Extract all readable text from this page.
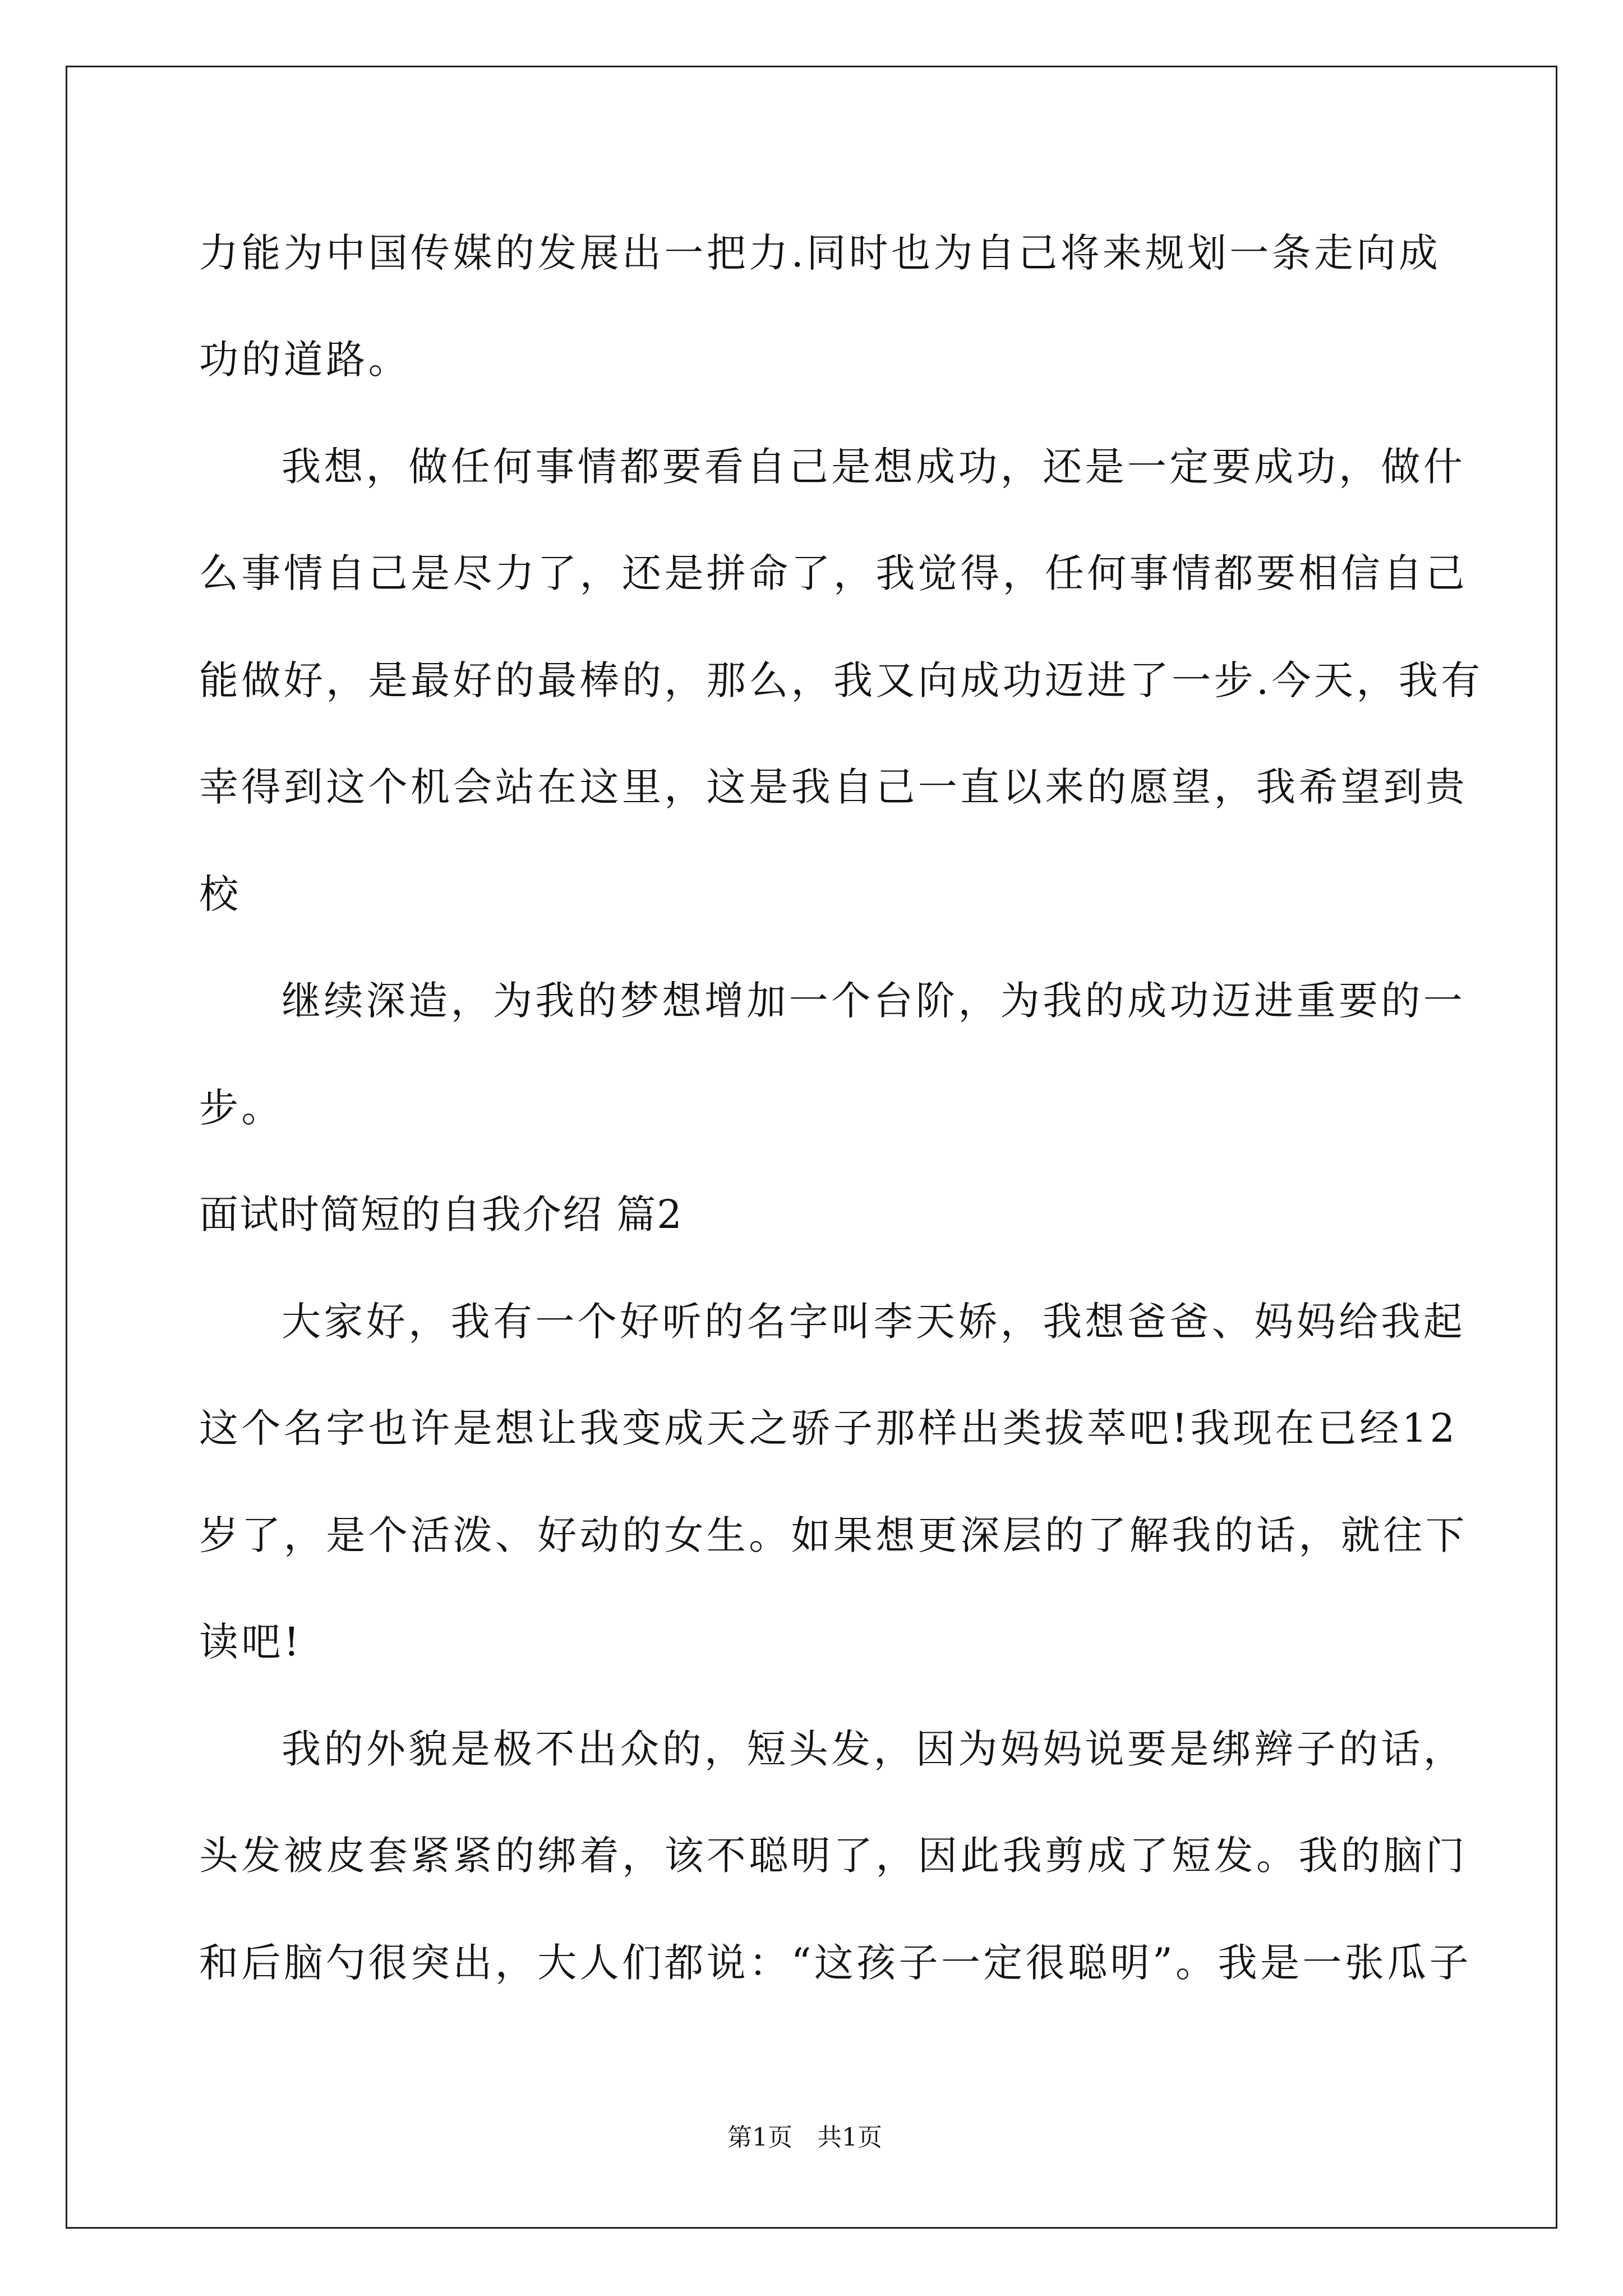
力能为中国传媒的发展出一把力.同时也为自己将来规划一条走向成
功的道路。
我想，做任何事情都要看自己是想成功，还是一定要成功，做什
么事情自己是尽力了，还是拼命了，我觉得，任何事情都要相信自己
能做好，是最好的最棒的，那么，我又向成功迈进了一步.今天，我有
幸得到这个机会站在这里，这是我自己一直以来的愿望，我希望到贵
校
继续深造，为我的梦想增加一个台阶，为我的成功迈进重要的一
步。
面试时简短的自我介绍 篇2
大家好，我有一个好听的名字叫李天娇，我想爸爸、妈妈给我起
这个名字也许是想让我变成天之骄子那样出类拔萃吧!我现在已经12
岁了，是个活泼、好动的女生。如果想更深层的了解我的话，就往下
读吧!
我的外貌是极不出众的，短头发，因为妈妈说要是绑辫子的话，
头发被皮套紧紧的绑着，该不聪明了，因此我剪成了短发。我的脑门
和后脑勺很突出，大人们都说：“这孩子一定很聪明”。我是一张瓜子
第1页　共1页
